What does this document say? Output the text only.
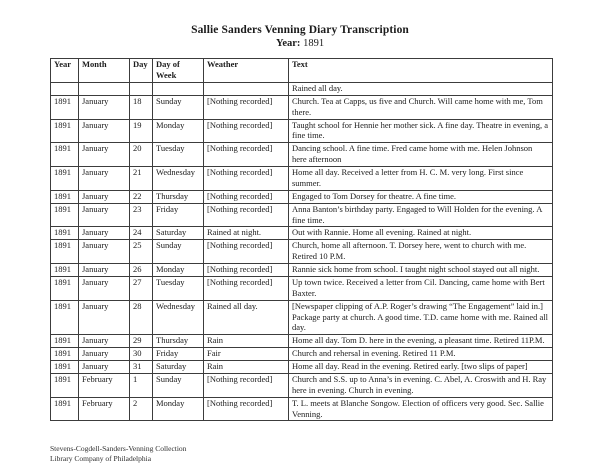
Sallie Sanders Venning Diary Transcription
Year: 1891
Year	Month	Day	Day of Week	Weather	Text
					Rained all day.
1891	January	18	Sunday	[Nothing recorded]	Church. Tea at Capps, us five and Church. Will came home with me, Tom there.
1891	January	19	Monday	[Nothing recorded]	Taught school for Hennie her mother sick. A fine day. Theatre in evening, a fine time.
1891	January	20	Tuesday	[Nothing recorded]	Dancing school. A fine time. Fred came home with me. Helen Johnson here afternoon
1891	January	21	Wednesday	[Nothing recorded]	Home all day. Received a letter from H. C. M. very long. First since summer.
1891	January	22	Thursday	[Nothing recorded]	Engaged to Tom Dorsey for theatre. A fine time.
1891	January	23	Friday	[Nothing recorded]	Anna Banton’s birthday party. Engaged to Will Holden for the evening. A fine time.
1891	January	24	Saturday	Rained at night.	Out with Rannie. Home all evening. Rained at night.
1891	January	25	Sunday	[Nothing recorded]	Church, home all afternoon. T. Dorsey here, went to church with me. Retired 10 P.M.
1891	January	26	Monday	[Nothing recorded]	Rannie sick home from school. I taught night school stayed out all night.
1891	January	27	Tuesday	[Nothing recorded]	Up town twice. Received a letter from Cil. Dancing, came home with Bert Baxter.
1891	January	28	Wednesday	Rained all day.	[Newspaper clipping of A.P. Roger’s drawing “The Engagement” laid in.] Package party at church. A good time. T.D. came home with me. Rained all day.
1891	January	29	Thursday	Rain	Home all day. Tom D. here in the evening, a pleasant time. Retired 11P.M.
1891	January	30	Friday	Fair	Church and rehersal in evening. Retired 11 P.M.
1891	January	31	Saturday	Rain	Home all day. Read in the evening. Retired early. [two slips of paper]
1891	February	1	Sunday	[Nothing recorded]	Church and S.S. up to Anna’s in evening. C. Abel, A. Croswith and H. Ray here in evening. Church in evening.
1891	February	2	Monday	[Nothing recorded]	T. L. meets at Blanche Songow. Election of officers very good. Sec. Sallie Venning.
Stevens-Cogdell-Sanders-Venning Collection
Library Company of Philadelphia
